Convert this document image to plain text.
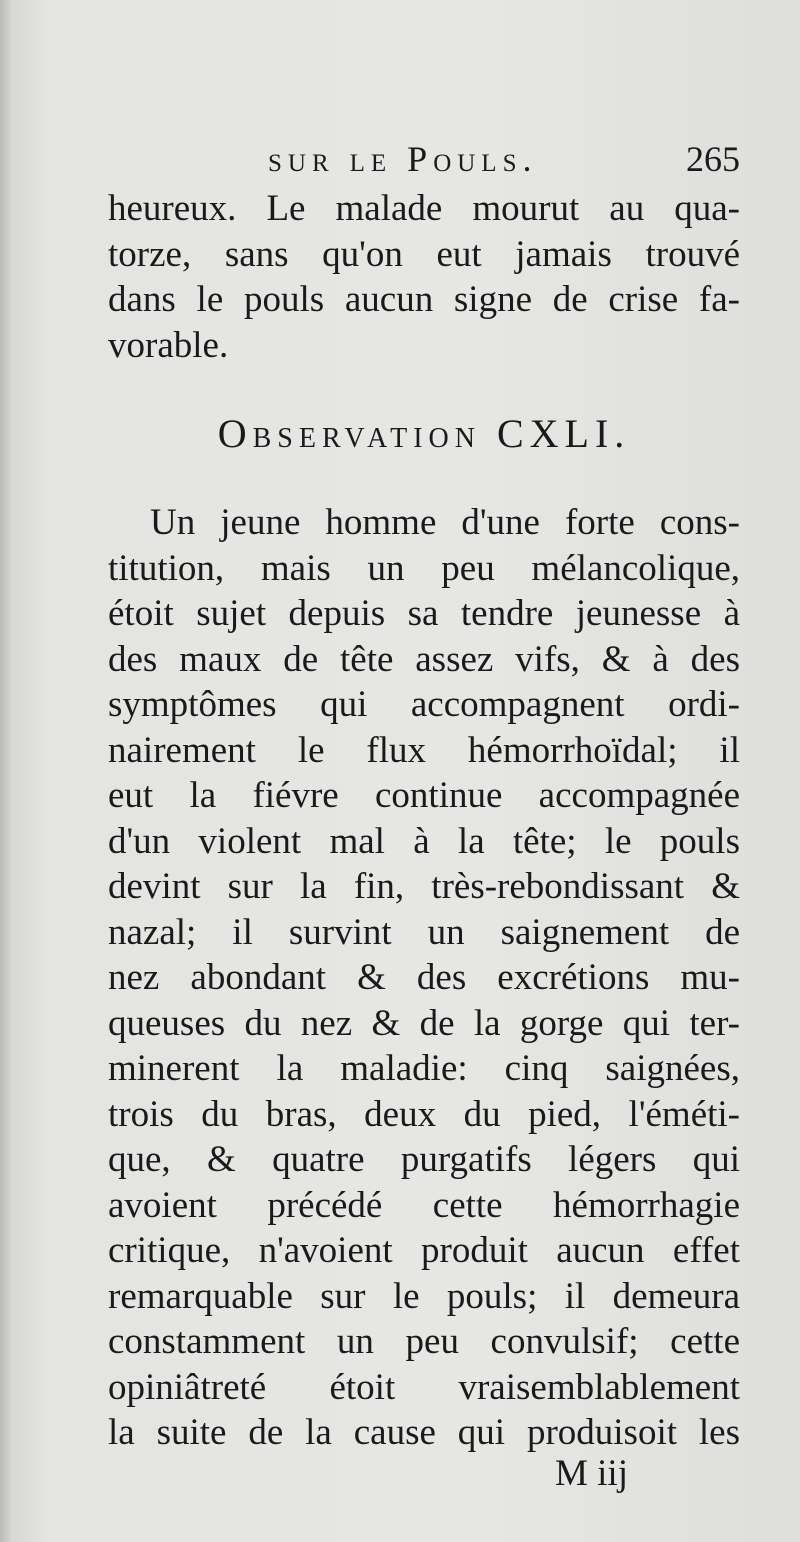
sur le Pouls.	265
heureux. Le malade mourut au qua-
torze, sans qu'on eut jamais trouvé
dans le pouls aucun signe de crise fa-
vorable.
Observation CXLI.
Un jeune homme d'une forte cons-
titution, mais un peu mélancolique,
étoit sujet depuis sa tendre jeunesse à
des maux de tête assez vifs, & à des
symptômes qui accompagnent ordi-
nairement le flux hémorrhoïdal; il
eut la fiévre continue accompagnée
d'un violent mal à la tête; le pouls
devint sur la fin, très-rebondissant &
nazal; il survint un saignement de
nez abondant & des excrétions mu-
queuses du nez & de la gorge qui ter-
minerent la maladie: cinq saignées,
trois du bras, deux du pied, l'éméti-
que, & quatre purgatifs légers qui
avoient précédé cette hémorrhagie
critique, n'avoient produit aucun effet
remarquable sur le pouls; il demeura
constamment un peu convulsif; cette
opiniâtreté étoit vraisemblablement
la suite de la cause qui produisoit les
M iij
